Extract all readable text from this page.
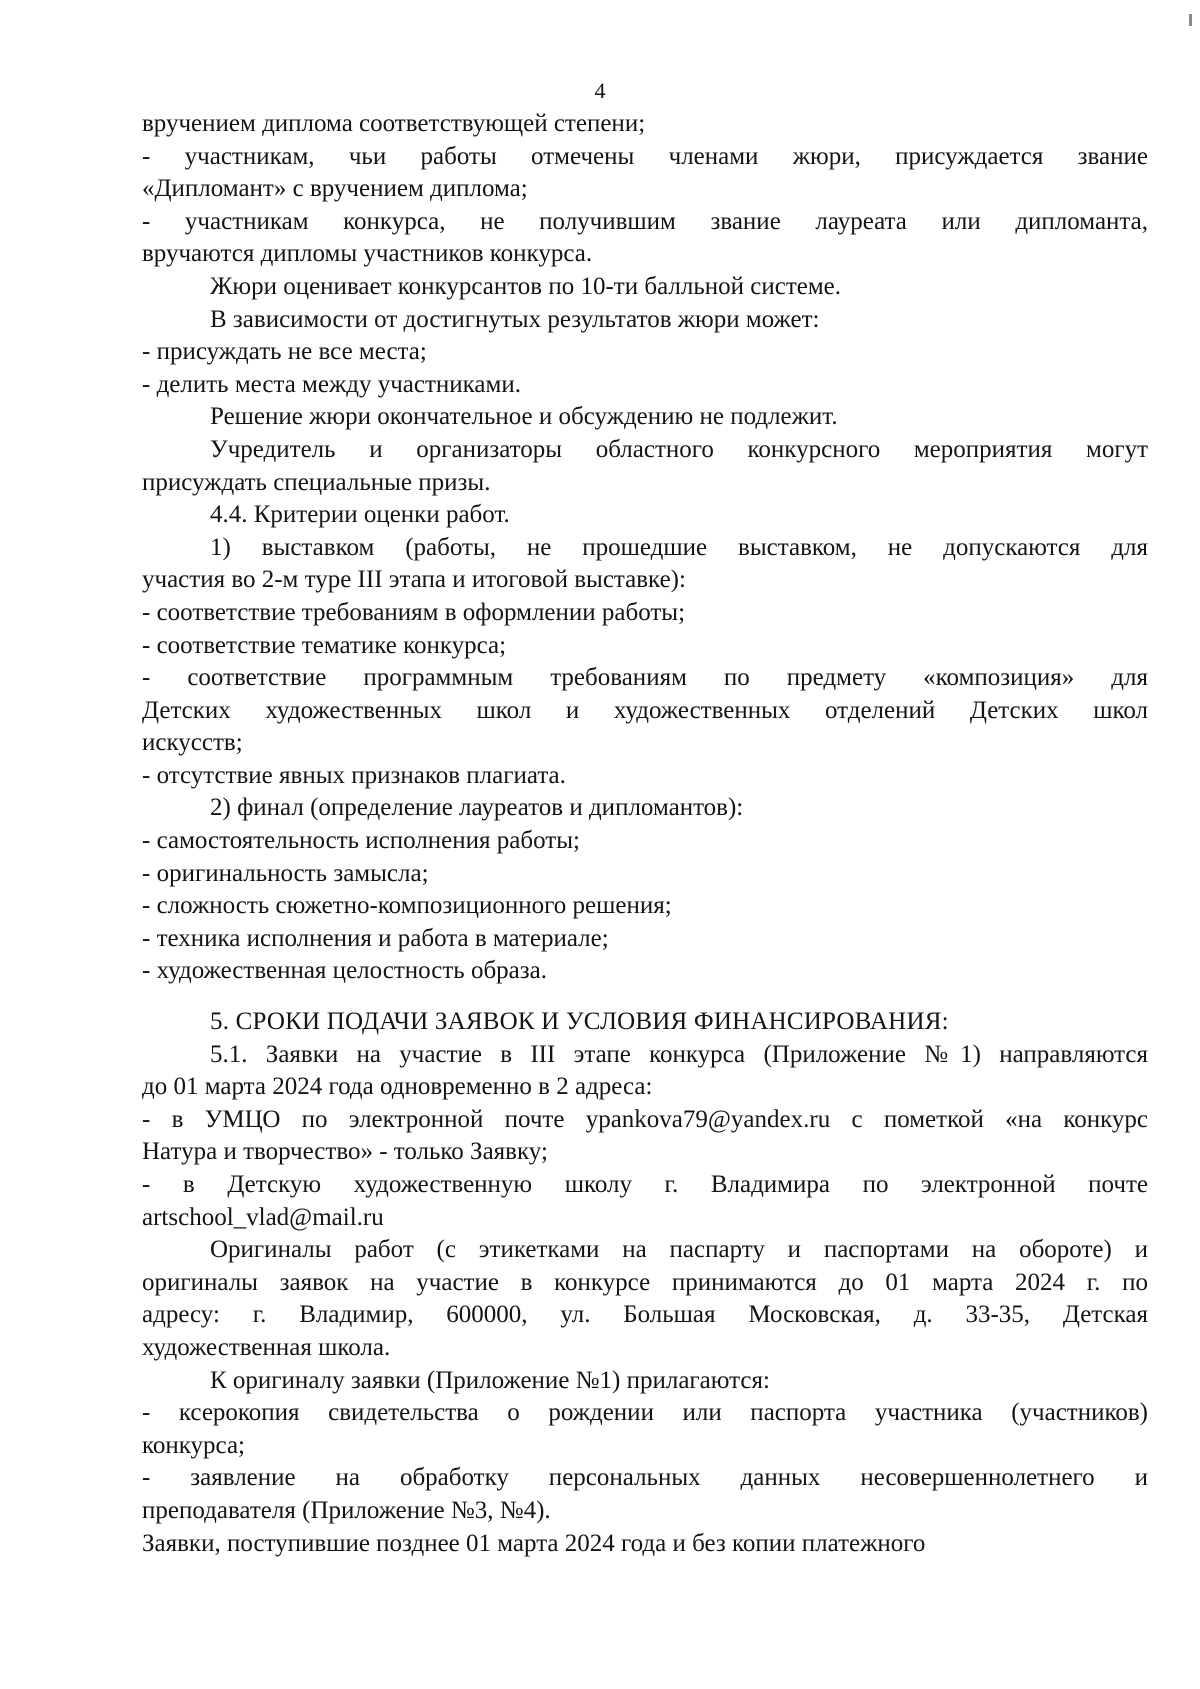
4
вручением диплома соответствующей степени;
- участникам, чьи работы отмечены членами жюри, присуждается звание
«Дипломант» с вручением диплома;
- участникам конкурса, не получившим звание лауреата или дипломанта,
вручаются дипломы участников конкурса.
Жюри оценивает конкурсантов по 10-ти балльной системе.
В зависимости от достигнутых результатов жюри может:
- присуждать не все места;
- делить места между участниками.
Решение жюри окончательное и обсуждению не подлежит.
Учредитель и организаторы областного конкурсного мероприятия могут
присуждать специальные призы.
4.4. Критерии оценки работ.
1) выставком (работы, не прошедшие выставком, не допускаются для
участия во 2-м туре III этапа и итоговой выставке):
- соответствие требованиям в оформлении работы;
- соответствие тематике конкурса;
- соответствие программным требованиям по предмету «композиция» для
Детских художественных школ и художественных отделений Детских школ
искусств;
- отсутствие явных признаков плагиата.
2) финал (определение лауреатов и дипломантов):
- самостоятельность исполнения работы;
- оригинальность замысла;
- сложность сюжетно-композиционного решения;
- техника исполнения и работа в материале;
- художественная целостность образа.
5. СРОКИ ПОДАЧИ ЗАЯВОК И УСЛОВИЯ ФИНАНСИРОВАНИЯ:
5.1. Заявки на участие в III этапе конкурса (Приложение №1) направляются
до 01 марта 2024 года одновременно в 2 адреса:
- в УМЦО по электронной почте ypankova79@yandex.ru с пометкой «на конкурс
Натура и творчество» - только Заявку;
- в Детскую художественную школу г. Владимира по электронной почте
artschool_vlad@mail.ru
Оригиналы работ (с этикетками на паспарту и паспортами на обороте) и
оригиналы заявок на участие в конкурсе принимаются до 01 марта 2024 г. по
адресу: г. Владимир, 600000, ул. Большая Московская, д. 33-35, Детская
художественная школа.
К оригиналу заявки (Приложение №1) прилагаются:
- ксерокопия свидетельства о рождении или паспорта участника (участников)
конкурса;
- заявление на обработку персональных данных несовершеннолетнего и
преподавателя (Приложение №3, №4).
Заявки, поступившие позднее 01 марта 2024 года и без копии платежного
